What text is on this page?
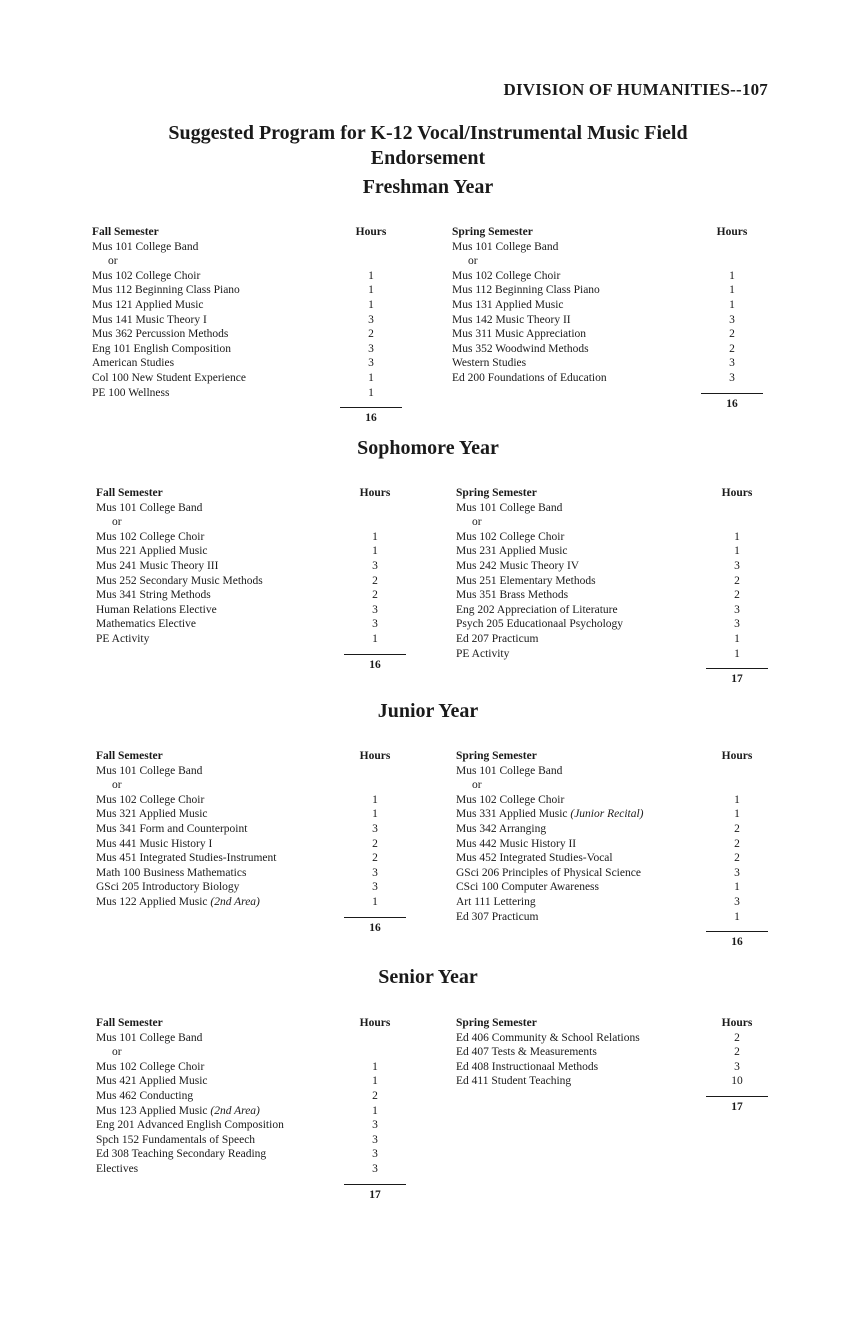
DIVISION OF HUMANITIES--107
Suggested Program for K-12 Vocal/Instrumental Music Field
Endorsement
Freshman Year
Fall Semester
Mus 101 College Band
or
Mus 102 College Choir
Mus 112 Beginning Class Piano
Mus 121 Applied Music
Mus 141 Music Theory I
Mus 362 Percussion Methods
Eng 101 English Composition
American Studies
Col 100 New Student Experience
PE 100 Wellness
Hours
1
1
1
3
2
3
3
1
1
16
Spring Semester
Mus 101 College Band
or
Mus 102 College Choir
Mus 112 Beginning Class Piano
Mus 131 Applied Music
Mus 142 Music Theory II
Mus 311 Music Appreciation
Mus 352 Woodwind Methods
Western Studies
Ed 200 Foundations of Education
Hours
1
1
1
3
2
2
3
3
16
Sophomore Year
Fall Semester
Mus 101 College Band
or
Mus 102 College Choir
Mus 221 Applied Music
Mus 241 Music Theory III
Mus 252 Secondary Music Methods
Mus 341 String Methods
Human Relations Elective
Mathematics Elective
PE Activity
Hours
1
1
3
2
2
3
3
1
16
Spring Semester
Mus 101 College Band
or
Mus 102 College Choir
Mus 231 Applied Music
Mus 242 Music Theory IV
Mus 251 Elementary Methods
Mus 351 Brass Methods
Eng 202 Appreciation of Literature
Psych 205 Educationaal Psychology
Ed 207 Practicum
PE Activity
Hours
1
1
3
2
2
3
3
1
1
17
Junior Year
Fall Semester
Mus 101 College Band
or
Mus 102 College Choir
Mus 321 Applied Music
Mus 341 Form and Counterpoint
Mus 441 Music History I
Mus 451 Integrated Studies-Instrument
Math 100 Business Mathematics
GSci 205 Introductory Biology
Mus 122 Applied Music (2nd Area)
Hours
1
1
3
2
2
3
3
1
16
Spring Semester
Mus 101 College Band
or
Mus 102 College Choir
Mus 331 Applied Music (Junior Recital)
Mus 342 Arranging
Mus 442 Music History II
Mus 452 Integrated Studies-Vocal
GSci 206 Principles of Physical Science
CSci 100 Computer Awareness
Art 111 Lettering
Ed 307 Practicum
Hours
1
1
2
2
2
3
1
3
1
16
Senior Year
Fall Semester
Mus 101 College Band
or
Mus 102 College Choir
Mus 421 Applied Music
Mus 462 Conducting
Mus 123 Applied Music (2nd Area)
Eng 201 Advanced English Composition
Spch 152 Fundamentals of Speech
Ed 308 Teaching Secondary Reading
Electives
Hours
1
1
2
1
3
3
3
3
17
Spring Semester
Ed 406 Community & School Relations
Ed 407 Tests & Measurements
Ed 408 Instructionaal Methods
Ed 411 Student Teaching
Hours
2
2
3
10
17
